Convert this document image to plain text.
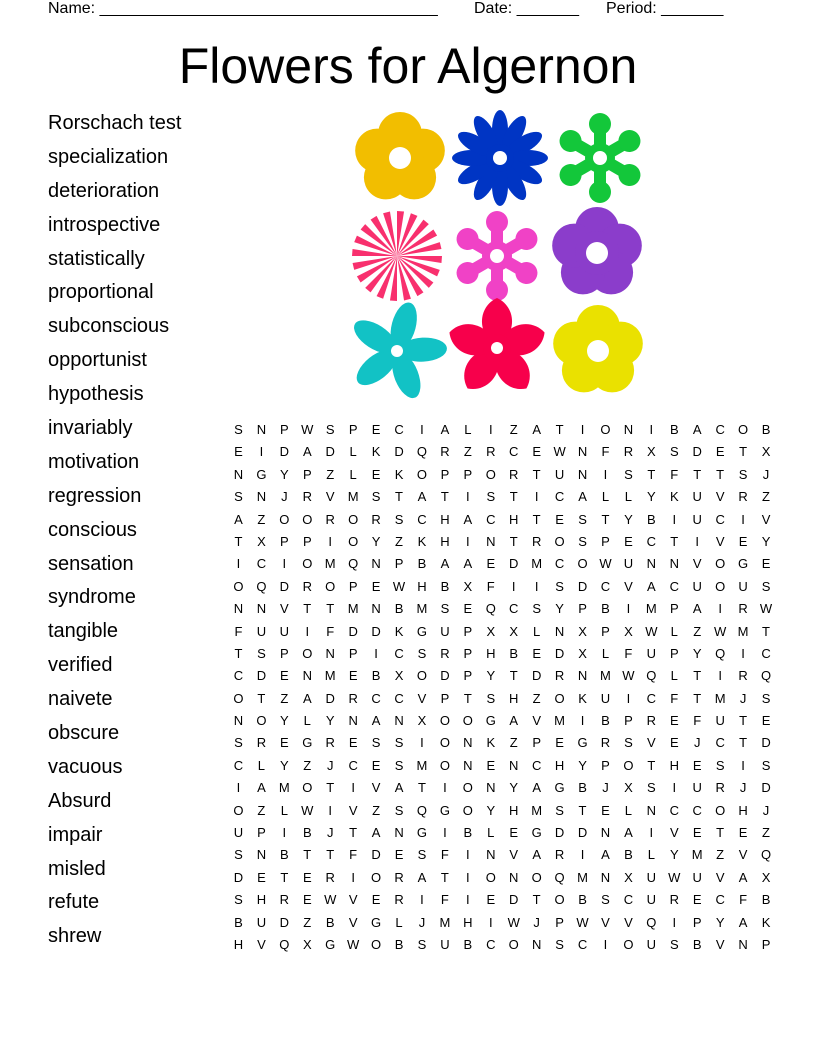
Name: ______________________________________ Date: _______ Period: _______
Flowers for Algernon
Rorschach test
specialization
deterioration
introspective
statistically
proportional
subconscious
opportunist
hypothesis
invariably
motivation
regression
conscious
sensation
syndrome
tangible
verified
naivete
obscure
vacuous
Absurd
impair
misled
refute
shrew
S	N	P W S	P	E	C	I	A	L	I	Z	A	T	I	O	N	I	B	A	C	O	B
E	I	D	A	D	L	K	D	Q	R	Z	R	C	E W N	F	R	X	S	D	E	T	X
N	G	Y	P	Z	L	E	K	O	P	P	O	R	T	U	N	I	S	T	F	T	T	S	J
S	N	J	R	V	M	S	T	A	T	I	S	T	I	C	A	L	L	Y	K	U	V	R	Z
A	Z	O O	R	O	R	S	C	H	A	C	H	T	E	S	T	Y	B	I	U	C	I	V
T	X	P	P	I	O	Y	Z	K	H	I	N	T	R	O	S	P	E	C	T	I	V	E	Y
I	C	I	O M Q	N	P	B	A	A	E	D M C	O W U	N	N	V	O G	E
O Q	D	R	O	P	E W H	B	X	F	I	I	S	D	C	V	A	C	U	O	U	S
N	N	V	T	T	M N	B	M	S	E	Q	C	S	Y	P	B	I	M	P	A	I	R W
F	U	U	I	F	D	D	K	G	U	P	X	X	L	N	X	P	X W	L	Z W M	T
T	S	P	O	N	P	I	C	S	R	P	H	B	E	D	X	L	F	U	P	Y	Q	I	C
C	D	E	N M	E	B	X	O	D	P	Y	T	D	R	N M W Q	L	T	I	R	Q
O	T	Z	A	D	R	C	C	V	P	T	S	H	Z	O	K	U	I	C	F	T	M	J	S
N	O	Y	L	Y	N	A	N	X	O O G	A	V	M	I	B	P	R	E	F	U	T	E
S	R	E	G	R	E	S	S	I	O	N	K	Z	P	E	G	R	S	V	E	J	C	T	D
C	L	Y	Z	J	C	E	S	M O	N	E	N	C	H	Y	P	O	T	H	E	S	I	S
I	A	M O	T	I	V	A	T	I	O	N	Y	A	G	B	J	X	S	I	U	R	J	D
O	Z	L	W	I	V	Z	S	Q G O	Y	H M	S	T	E	L	N	C	C	O	H	J
U	P	I	B	J	T	A	N	G	I	B	L	E	G	D	D	N	A	I	V	E	T	E	Z
S	N	B	T	T	F	D	E	S	F	I	N	V	A	R	I	A	B	L	Y	M	Z	V	Q
D	E	T	E	R	I	O	R	A	T	I	O	N	O Q M N	X	U W U	V	A	X
S	H	R	E W V	E	R	I	F	I	E	D	T	O	B	S	C	U	R	E	C	F	B
B	U	D	Z	B	V	G	L	J	M H	I	W	J	P W V	V	Q	I	P	Y	A	K
H	V	Q	X	G W O	B	S	U	B	C	O	N	S	C	I	O	U	S	B	V	N	P
